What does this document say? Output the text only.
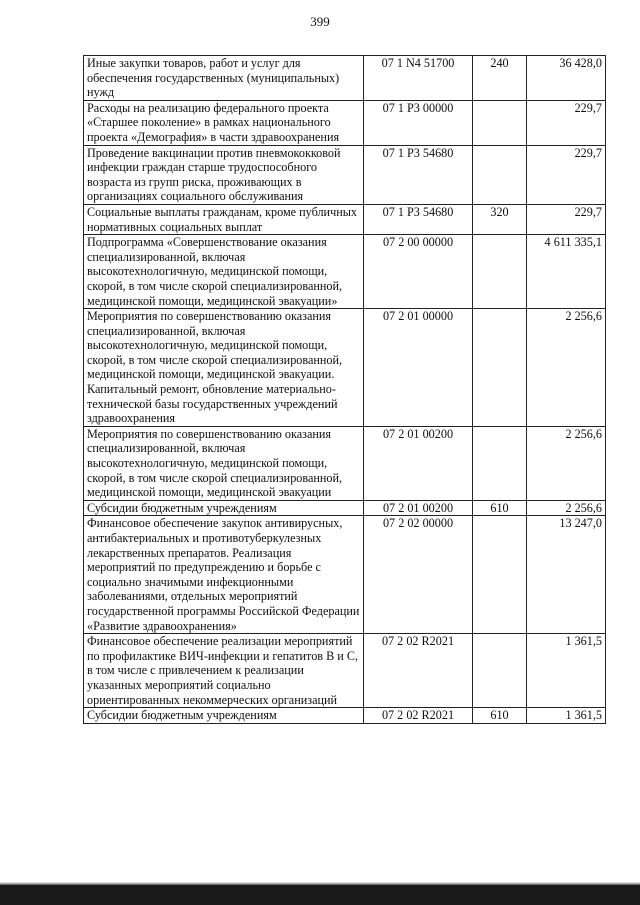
399
Иные закупки товаров, работ и услуг для обеспечения государственных (муниципальных) нужд	07 1 N4 51700	240	36 428,0
Расходы на реализацию федерального проекта «Старшее поколение» в рамках национального проекта «Демография» в части здравоохранения	07 1 P3 00000		229,7
Проведение вакцинации против пневмококковой инфекции граждан старше трудоспособного возраста из групп риска, проживающих в организациях социального обслуживания	07 1 P3 54680		229,7
Социальные выплаты гражданам, кроме публичных нормативных социальных выплат	07 1 P3 54680	320	229,7
Подпрограмма «Совершенствование оказания специализированной, включая высокотехнологичную, медицинской помощи, скорой, в том числе скорой специализированной, медицинской помощи, медицинской эвакуации»	07 2 00 00000		4 611 335,1
Мероприятия по совершенствованию оказания специализированной, включая высокотехнологичную, медицинской помощи, скорой, в том числе скорой специализированной, медицинской помощи, медицинской эвакуации. Капитальный ремонт, обновление материально-технической базы государственных учреждений здравоохранения	07 2 01 00000		2 256,6
Мероприятия по совершенствованию оказания специализированной, включая высокотехнологичную, медицинской помощи, скорой, в том числе скорой специализированной, медицинской помощи, медицинской эвакуации	07 2 01 00200		2 256,6
Субсидии бюджетным учреждениям	07 2 01 00200	610	2 256,6
Финансовое обеспечение закупок антивирусных, антибактериальных и противотуберкулезных лекарственных препаратов. Реализация мероприятий по предупреждению и борьбе с социально значимыми инфекционными заболеваниями, отдельных мероприятий государственной программы Российской Федерации «Развитие здравоохранения»	07 2 02 00000		13 247,0
Финансовое обеспечение реализации мероприятий по профилактике ВИЧ-инфекции и гепатитов В и С, в том числе с привлечением к реализации указанных мероприятий социально ориентированных некоммерческих организаций	07 2 02 R2021		1 361,5
Субсидии бюджетным учреждениям	07 2 02 R2021	610	1 361,5
